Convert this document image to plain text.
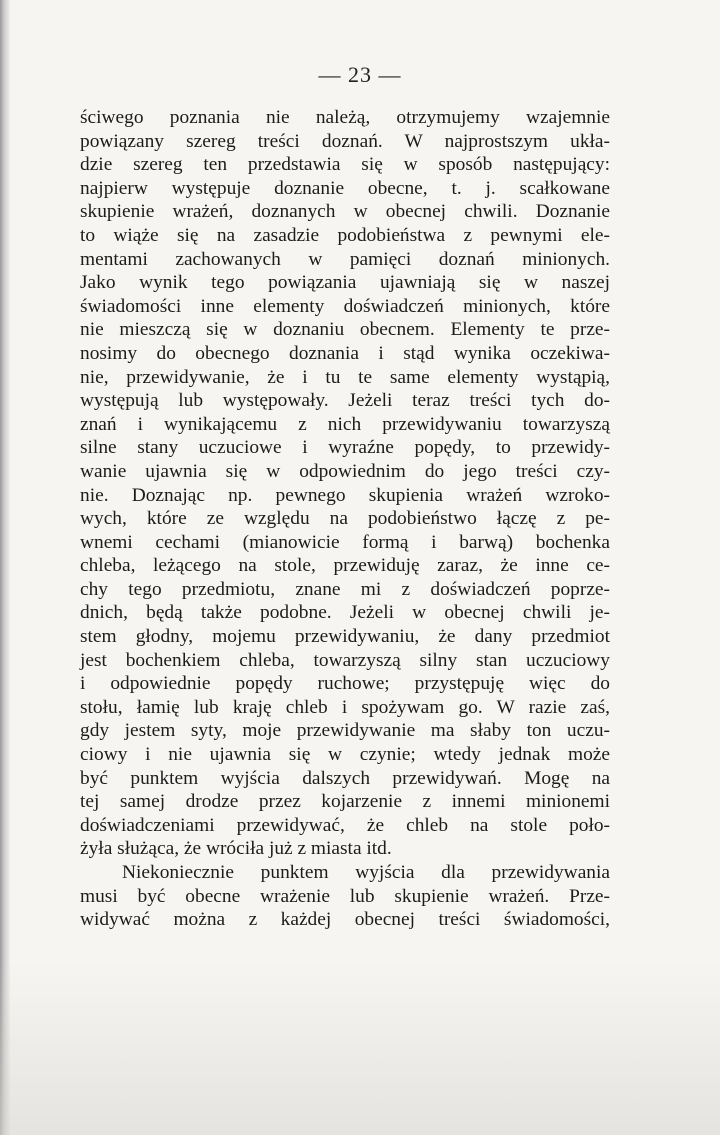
— 23 —
ściwego poznania nie należą, otrzymujemy wzajemnie
powiązany szereg treści doznań. W najprostszym ukła-
dzie szereg ten przedstawia się w sposób następujący:
najpierw występuje doznanie obecne, t. j. scałkowane
skupienie wrażeń, doznanych w obecnej chwili. Doznanie
to wiąże się na zasadzie podobieństwa z pewnymi ele-
mentami zachowanych w pamięci doznań minionych.
Jako wynik tego powiązania ujawniają się w naszej
świadomości inne elementy doświadczeń minionych, które
nie mieszczą się w doznaniu obecnem. Elementy te prze-
nosimy do obecnego doznania i stąd wynika oczekiwa-
nie, przewidywanie, że i tu te same elementy wystąpią,
występują lub występowały. Jeżeli teraz treści tych do-
znań i wynikającemu z nich przewidywaniu towarzyszą
silne stany uczuciowe i wyraźne popędy, to przewidy-
wanie ujawnia się w odpowiednim do jego treści czy-
nie. Doznając np. pewnego skupienia wrażeń wzroko-
wych, które ze względu na podobieństwo łączę z pe-
wnemi cechami (mianowicie formą i barwą) bochenka
chleba, leżącego na stole, przewiduję zaraz, że inne ce-
chy tego przedmiotu, znane mi z doświadczeń poprze-
dnich, będą także podobne. Jeżeli w obecnej chwili je-
stem głodny, mojemu przewidywaniu, że dany przedmiot
jest bochenkiem chleba, towarzyszą silny stan uczuciowy
i odpowiednie popędy ruchowe; przystępuję więc do
stołu, łamię lub kraję chleb i spożywam go. W razie zaś,
gdy jestem syty, moje przewidywanie ma słaby ton uczu-
ciowy i nie ujawnia się w czynie; wtedy jednak może
być punktem wyjścia dalszych przewidywań. Mogę na
tej samej drodze przez kojarzenie z innemi minionemi
doświadczeniami przewidywać, że chleb na stole poło-
żyła służąca, że wróciła już z miasta itd.
Niekoniecznie punktem wyjścia dla przewidywania
musi być obecne wrażenie lub skupienie wrażeń. Prze-
widywać można z każdej obecnej treści świadomości,
